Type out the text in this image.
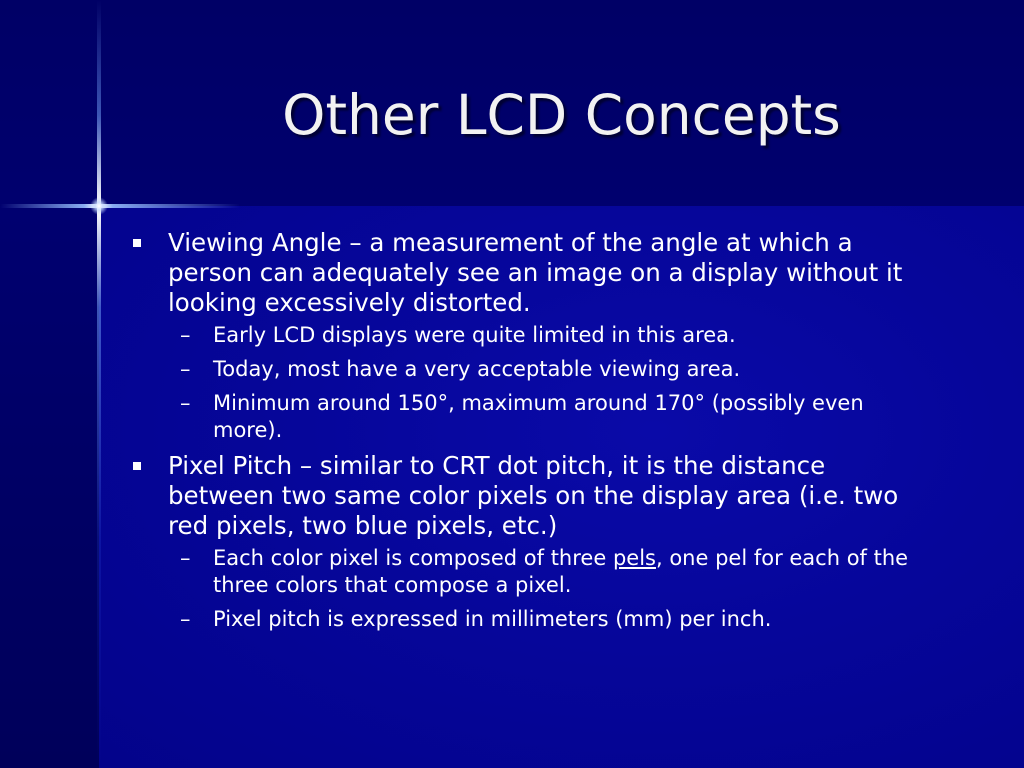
Other LCD Concepts
Viewing Angle – a measurement of the angle at which a person can adequately see an image on a display without it looking excessively distorted.
– Early LCD displays were quite limited in this area.
– Today, most have a very acceptable viewing area.
– Minimum around 150°, maximum around 170° (possibly even more).
Pixel Pitch – similar to CRT dot pitch, it is the distance between two same color pixels on the display area (i.e. two red pixels, two blue pixels, etc.)
– Each color pixel is composed of three pels, one pel for each of the three colors that compose a pixel.
– Pixel pitch is expressed in millimeters (mm) per inch.
